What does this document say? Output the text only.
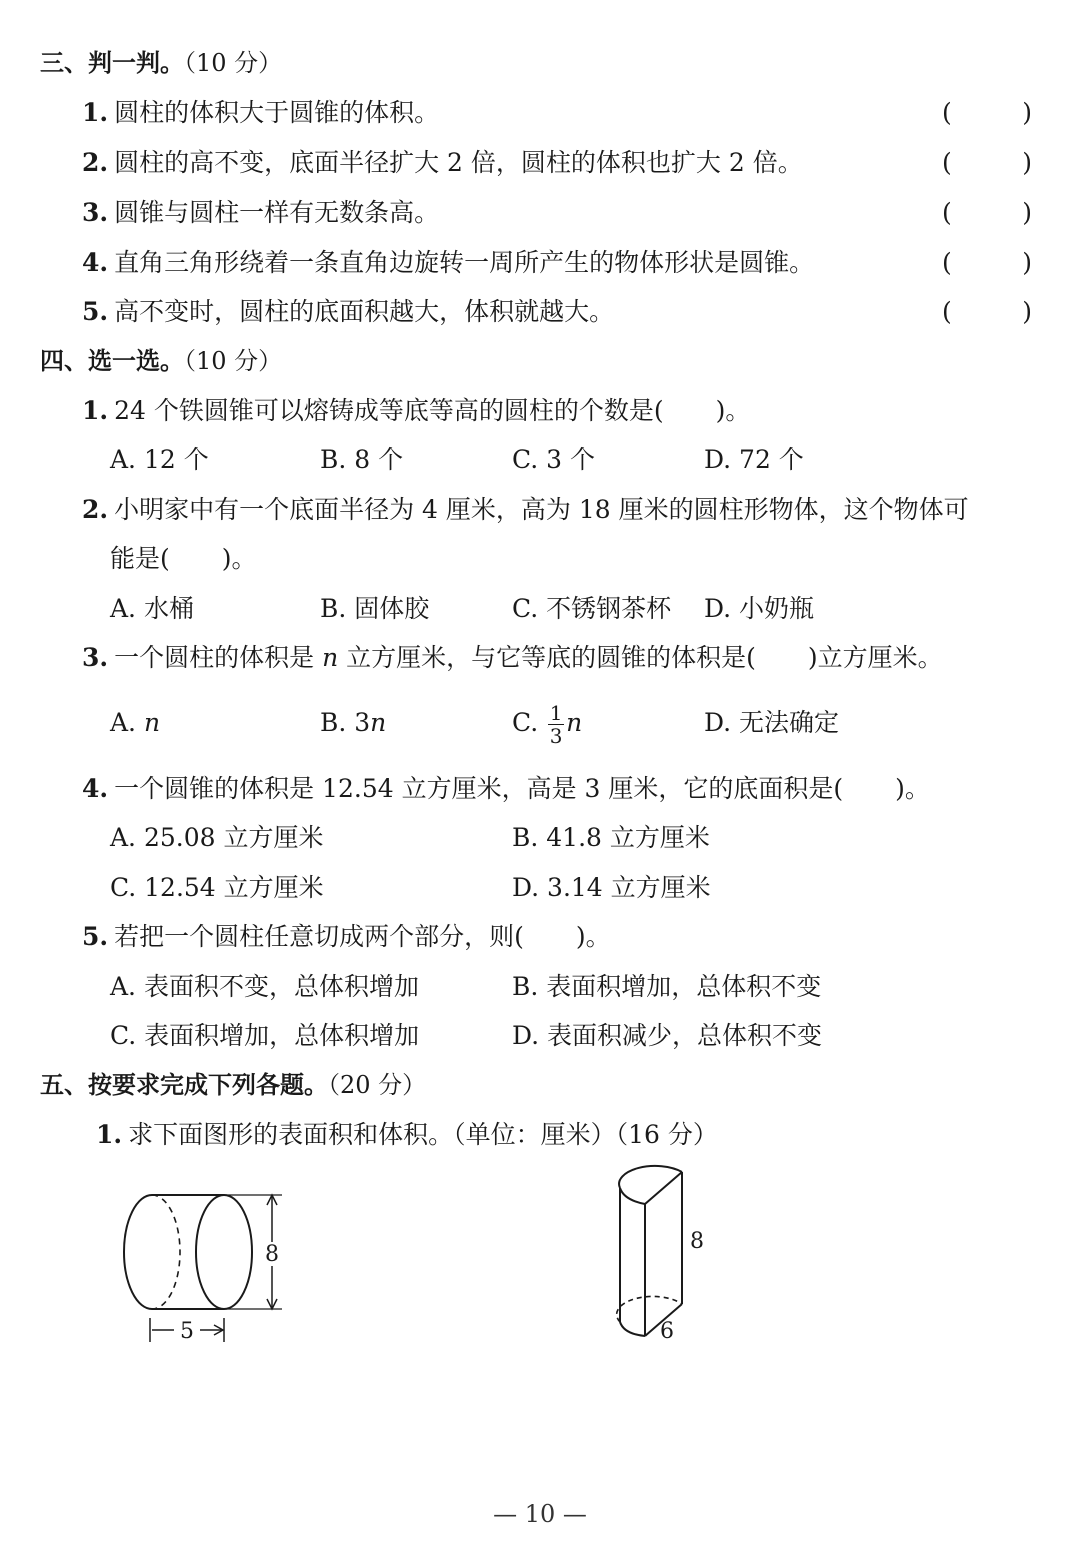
三、判一判。（10 分）
1. 圆柱的体积大于圆锥的体积。	(	)
2. 圆柱的高不变，底面半径扩大 2 倍，圆柱的体积也扩大 2 倍。	(	)
3. 圆锥与圆柱一样有无数条高。	(	)
4. 直角三角形绕着一条直角边旋转一周所产生的物体形状是圆锥。	(	)
5. 高不变时，圆柱的底面积越大，体积就越大。	(	)
四、选一选。（10 分）
1. 24 个铁圆锥可以熔铸成等底等高的圆柱的个数是( )。
A. 12 个	B. 8 个	C. 3 个	D. 72 个
2. 小明家中有一个底面半径为 4 厘米，高为 18 厘米的圆柱形物体，这个物体可
能是( )。
A. 水桶	B. 固体胶	C. 不锈钢茶杯 D. 小奶瓶
3. 一个圆柱的体积是 n 立方厘米，与它等底的圆锥的体积是( )立方厘米。
A. n	B. 3n	C. $\frac{1}{3}$ n	D. 无法确定
4. 一个圆锥的体积是 12.54 立方厘米，高是 3 厘米，它的底面积是( )。
A. 25.08 立方厘米	B. 41.8 立方厘米
C. 12.54 立方厘米	D. 3.14 立方厘米
5. 若把一个圆柱任意切成两个部分，则( )。
A. 表面积不变，总体积增加	B. 表面积增加，总体积不变
C. 表面积增加，总体积增加	D. 表面积减少，总体积不变
五、按要求完成下列各题。（20 分）
1. 求下面图形的表面积和体积。（单位：厘米）（16 分）
8
5
8
6
— 10 —
